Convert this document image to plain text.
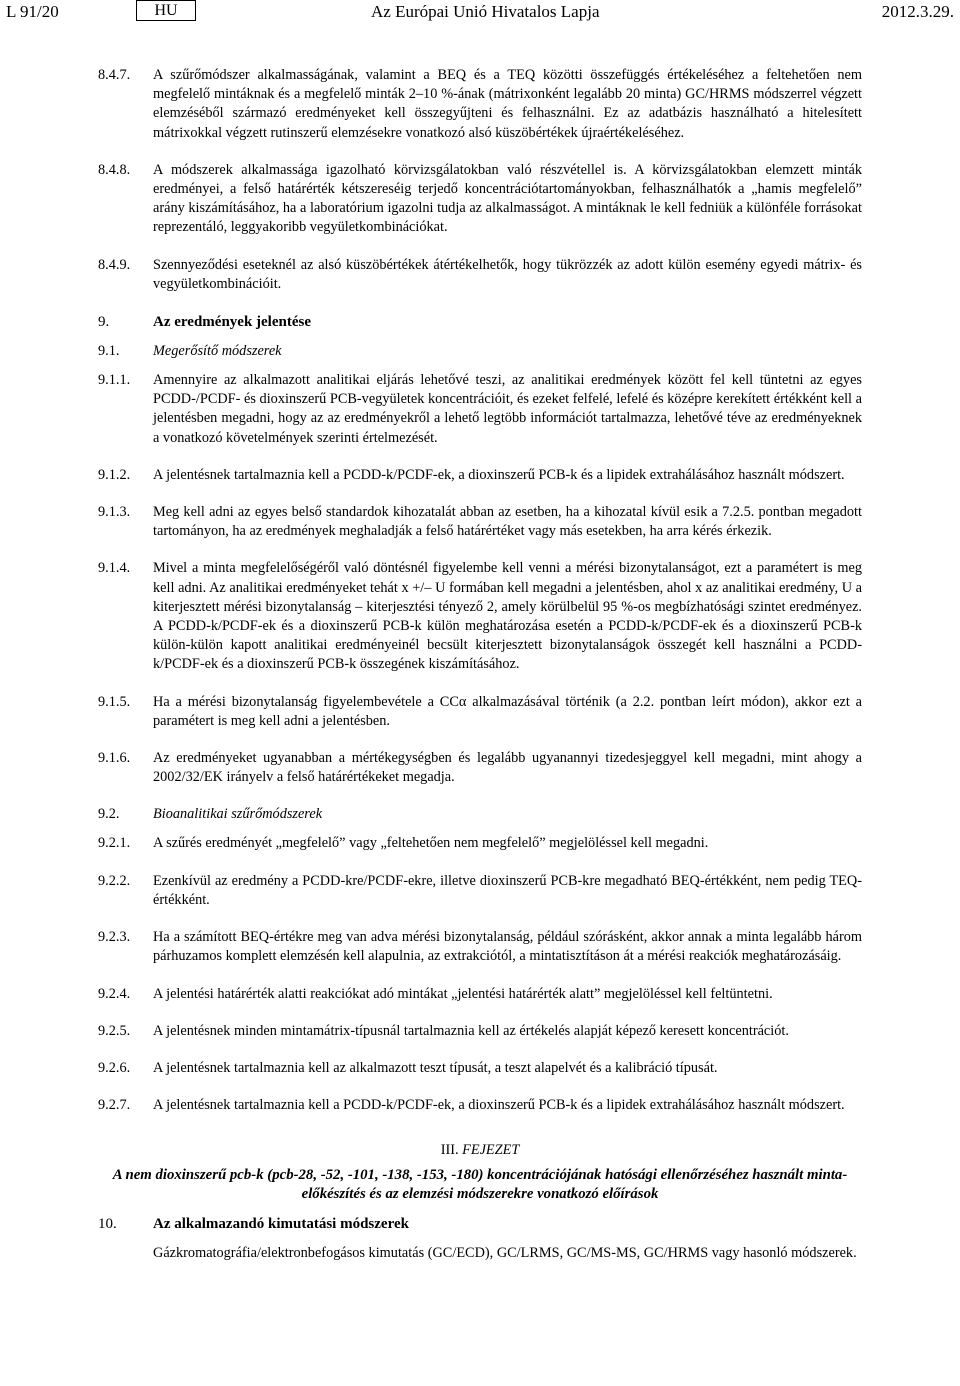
L 91/20	HU	Az Európai Unió Hivatalos Lapja	2012.3.29.
8.4.7.	A szűrőmódszer alkalmasságának, valamint a BEQ és a TEQ közötti összefüggés értékeléséhez a feltehetően nem megfelelő mintáknak és a megfelelő minták 2–10 %-ának (mátrixonként legalább 20 minta) GC/HRMS módszerrel végzett elemzéséből származó eredményeket kell összegyűjteni és felhasználni. Ez az adatbázis használható a hitelesített mátrixokkal végzett rutinszerű elemzésekre vonatkozó alsó küszöbértékek újraértékeléséhez.
8.4.8.	A módszerek alkalmassága igazolható körvizsgálatokban való részvétellel is. A körvizsgálatokban elemzett minták eredményei, a felső határérték kétszereséig terjedő koncentrációtartományokban, felhasználhatók a „hamis megfelelő” arány kiszámításához, ha a laboratórium igazolni tudja az alkalmasságot. A mintáknak le kell fedniük a különféle forrásokat reprezentáló, leggyakoribb vegyületkombinációkat.
8.4.9.	Szennyeződési eseteknél az alsó küszöbértékek átértékelhetők, hogy tükrözzék az adott külön esemény egyedi mátrix- és vegyületkombinációit.
9.	Az eredmények jelentése
9.1.	Megerősítő módszerek
9.1.1.	Amennyire az alkalmazott analitikai eljárás lehetővé teszi, az analitikai eredmények között fel kell tüntetni az egyes PCDD-/PCDF- és dioxinszerű PCB-vegyületek koncentrációit, és ezeket felfelé, lefelé és középre kerekített értékként kell a jelentésben megadni, hogy az az eredményekről a lehető legtöbb információt tartalmazza, lehetővé téve az eredményeknek a vonatkozó követelmények szerinti értelmezését.
9.1.2.	A jelentésnek tartalmaznia kell a PCDD-k/PCDF-ek, a dioxinszerű PCB-k és a lipidek extrahálásához használt módszert.
9.1.3.	Meg kell adni az egyes belső standardok kihozatalát abban az esetben, ha a kihozatal kívül esik a 7.2.5. pontban megadott tartományon, ha az eredmények meghaladják a felső határértéket vagy más esetekben, ha arra kérés érkezik.
9.1.4.	Mivel a minta megfelelőségéről való döntésnél figyelembe kell venni a mérési bizonytalanságot, ezt a paramétert is meg kell adni. Az analitikai eredményeket tehát x +/– U formában kell megadni a jelentésben, ahol x az analitikai eredmény, U a kiterjesztett mérési bizonytalanság – kiterjesztési tényező 2, amely körülbelül 95 %-os megbízhatósági szintet eredményez. A PCDD-k/PCDF-ek és a dioxinszerű PCB-k külön meghatározása esetén a PCDD-k/PCDF-ek és a dioxinszerű PCB-k külön-külön kapott analitikai eredményeinél becsült kiterjesztett bizonytalanságok összegét kell használni a PCDD-k/PCDF-ek és a dioxinszerű PCB-k összegének kiszámításához.
9.1.5.	Ha a mérési bizonytalanság figyelembevétele a CCα alkalmazásával történik (a 2.2. pontban leírt módon), akkor ezt a paramétert is meg kell adni a jelentésben.
9.1.6.	Az eredményeket ugyanabban a mértékegységben és legalább ugyanannyi tizedesjeggyel kell megadni, mint ahogy a 2002/32/EK irányelv a felső határértékeket megadja.
9.2.	Bioanalitikai szűrőmódszerek
9.2.1.	A szűrés eredményét „megfelelő” vagy „feltehetően nem megfelelő” megjelöléssel kell megadni.
9.2.2.	Ezenkívül az eredmény a PCDD-kre/PCDF-ekre, illetve dioxinszerű PCB-kre megadható BEQ-értékként, nem pedig TEQ-értékként.
9.2.3.	Ha a számított BEQ-értékre meg van adva mérési bizonytalanság, például szórásként, akkor annak a minta legalább három párhuzamos komplett elemzésén kell alapulnia, az extrakciótól, a mintatisztításon át a mérési reakciók meghatározásáig.
9.2.4.	A jelentési határérték alatti reakciókat adó mintákat „jelentési határérték alatt” megjelöléssel kell feltüntetni.
9.2.5.	A jelentésnek minden mintamátrix-típusnál tartalmaznia kell az értékelés alapját képező keresett koncentrációt.
9.2.6.	A jelentésnek tartalmaznia kell az alkalmazott teszt típusát, a teszt alapelvét és a kalibráció típusát.
9.2.7.	A jelentésnek tartalmaznia kell a PCDD-k/PCDF-ek, a dioxinszerű PCB-k és a lipidek extrahálásához használt módszert.
III. FEJEZET
A nem dioxinszerű pcb-k (pcb-28, -52, -101, -138, -153, -180) koncentrációjának hatósági ellenőrzéséhez használt minta-előkészítés és az elemzési módszerekre vonatkozó előírások
10.	Az alkalmazandó kimutatási módszerek
Gázkromatográfia/elektronbefogásos kimutatás (GC/ECD), GC/LRMS, GC/MS-MS, GC/HRMS vagy hasonló módszerek.
